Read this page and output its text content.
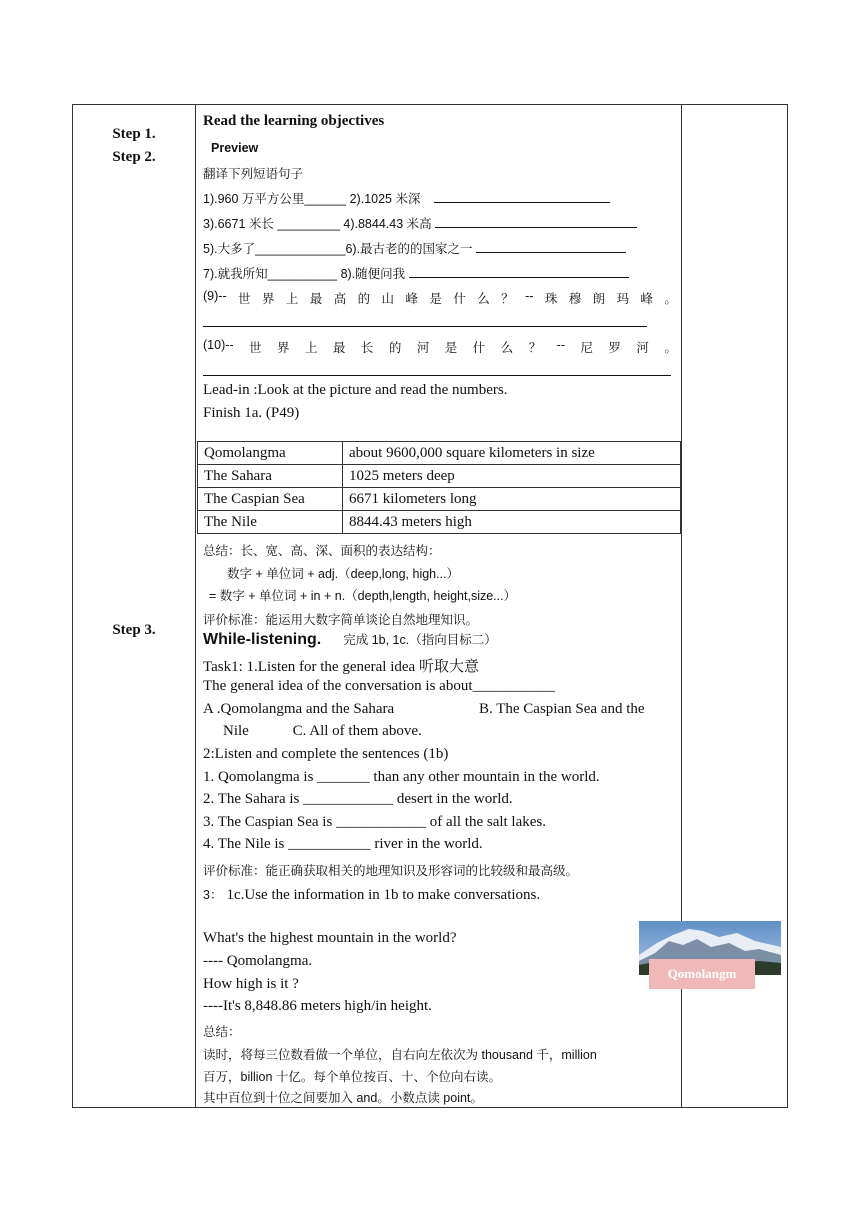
Step 1.
Step 2.
Step 3.
Read the learning objectives
Preview
翻译下列短语句子
1).960 万平方公里______ 2).1025 米深
3).6671 米长 _________ 4).8844.43 米高
5).大多了_____________6).最古老的的国家之一
7).就我所知__________ 8).随便问我
(9)-- 世 界 上 最 高 的 山 峰 是 什 么 ？ -- 珠 穆 朗 玛 峰 。
(10)-- 世 界 上 最 长 的 河 是 什 么 ？ -- 尼 罗 河 。
Lead-in :Look at the picture and read the numbers.
Finish 1a. (P49)
Qomolangma	about 9600,000 square kilometers in size
The Sahara	1025 meters deep
The Caspian Sea	6671 kilometers long
The Nile	8844.43 meters high
总结：长、宽、高、深、面积的表达结构：
数字 + 单位词 + adj.（deep,long, high...）
= 数字 + 单位词 + in + n.（depth,length, height,size...）
评价标准：能运用大数字简单谈论自然地理知识。
While-listening. 完成 1b, 1c.（指向目标二）
Task1: 1.Listen for the general idea 听取大意
The general idea of the conversation is about___________
A .Qomolangma and the Sahara	B. The Caspian Sea and the
Nile	C. All of them above.
2:Listen and complete the sentences (1b)
1. Qomolangma is _______ than any other mountain in the world.
2. The Sahara is ____________ desert in the world.
3. The Caspian Sea is ____________ of all the salt lakes.
4. The Nile is ___________ river in the world.
评价标准：能正确获取相关的地理知识及形容词的比较级和最高级。
3： 1c.Use the information in 1b to make conversations.
What's the highest mountain in the world?
---- Qomolangma.
How high is it ?
----It's 8,848.86 meters high/in height.
Qomolangm
总结：
读时，将每三位数看做一个单位，自右向左依次为 thousand 千，million
百万，billion 十亿。每个单位按百、十、个位向右读。
其中百位到十位之间要加入 and。小数点读 point。
